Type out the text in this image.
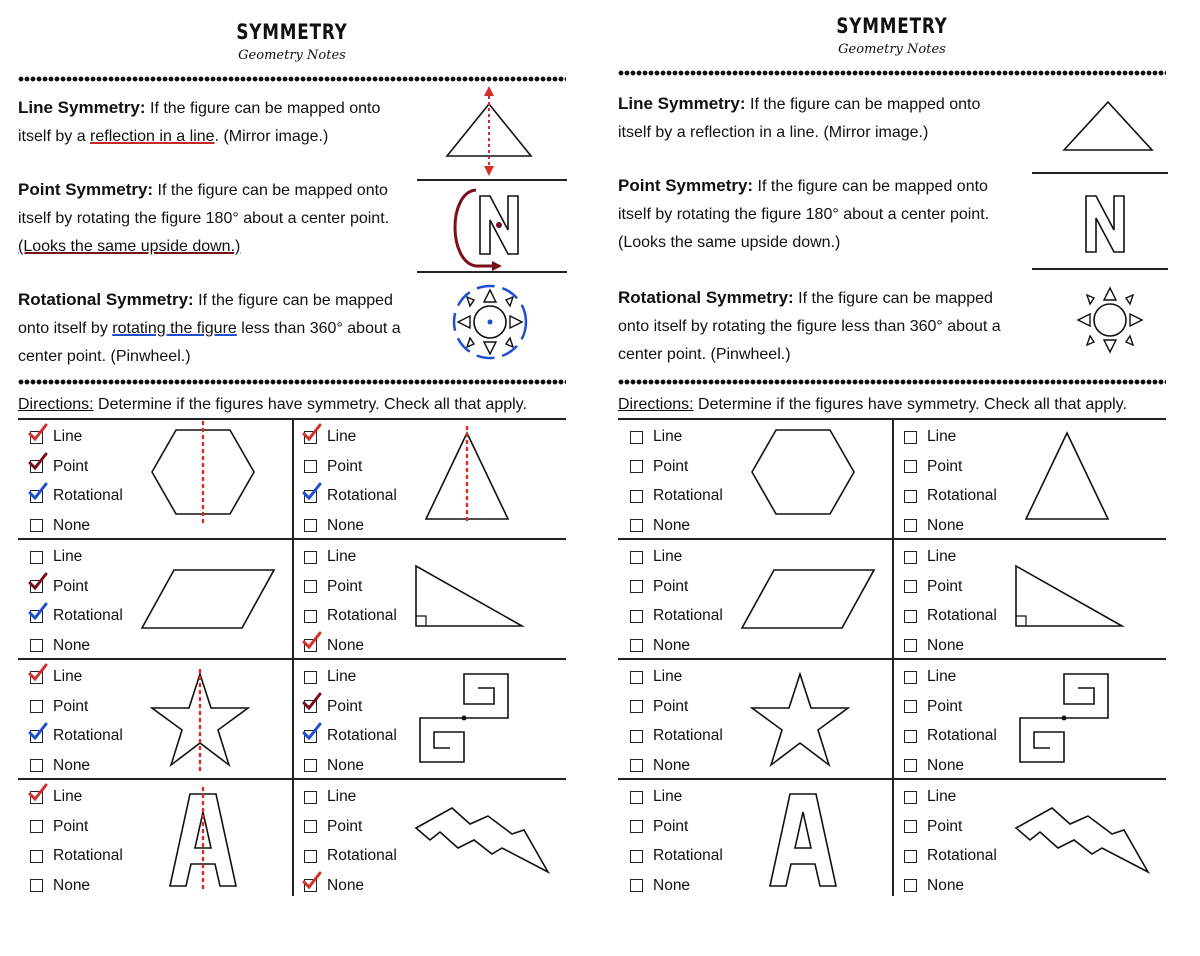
SYMMETRY
Geometry Notes
Line Symmetry: If the figure can be mapped onto itself by a reflection in a line. (Mirror image.)
Point Symmetry: If the figure can be mapped onto itself by rotating the figure 180° about a center point. (Looks the same upside down.)
Rotational Symmetry: If the figure can be mapped onto itself by rotating the figure less than 360° about a center point. (Pinwheel.)
Directions: Determine if the figures have symmetry. Check all that apply.
Line
Point
Rotational
None
Line
Point
Rotational
None
Line
Point
Rotational
None
Line
Point
Rotational
None
Line
Point
Rotational
None
Line
Point
Rotational
None
Line
Point
Rotational
None
Line
Point
Rotational
None
SYMMETRY
Geometry Notes
Line Symmetry: If the figure can be mapped onto itself by a reflection in a line. (Mirror image.)
Point Symmetry: If the figure can be mapped onto itself by rotating the figure 180° about a center point. (Looks the same upside down.)
Rotational Symmetry: If the figure can be mapped onto itself by rotating the figure less than 360° about a center point. (Pinwheel.)
Directions: Determine if the figures have symmetry. Check all that apply.
Line
Point
Rotational
None
Line
Point
Rotational
None
Line
Point
Rotational
None
Line
Point
Rotational
None
Line
Point
Rotational
None
Line
Point
Rotational
None
Line
Point
Rotational
None
Line
Point
Rotational
None
